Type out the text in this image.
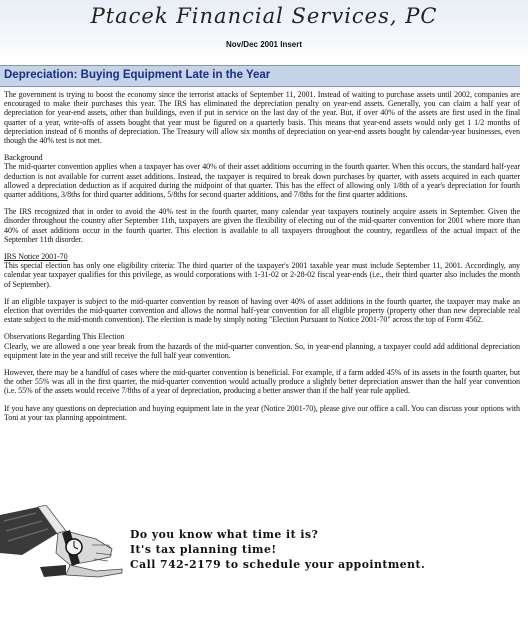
Ptacek Financial Services, PC
Nov/Dec 2001 Insert
Depreciation: Buying Equipment Late in the Year

The government is trying to boost the economy since the terrorist attacks of September 11, 2001. Instead of waiting to purchase assets until 2002, companies are encouraged to make their purchases this year. The IRS has eliminated the depreciation penalty on year-end assets. Generally, you can claim a half year of depreciation for year-end assets, other than buildings, even if put in service on the last day of the year. But, if over 40% of the assets are first used in the final quarter of a year, write-offs of assets bought that year must be figured on a quarterly basis. This means that year-end assets would only get 1 1/2 months of depreciation instead of 6 months of depreciation. The Treasury will allow six months of depreciation on year-end assets bought by calendar-year businesses, even though the 40% test is not met.

Background

The mid-quarter convention applies when a taxpayer has over 40% of their asset additions occurring in the fourth quarter. When this occurs, the standard half-year deduction is not available for current asset additions. Instead, the taxpayer is required to break down purchases by quarter, with assets acquired in each quarter allowed a depreciation deduction as if acquired during the midpoint of that quarter. This has the effect of allowing only 1/8th of a year's depreciation for fourth quarter additions, 3/8ths for third quarter additions, 5/8ths for second quarter additions, and 7/8ths for the first quarter additions.

The IRS recognized that in order to avoid the 40% test in the fourth quarter, many calendar year taxpayers routinely acquire assets in September. Given the disorder throughout the country after September 11th, taxpayers are given the flexibility of electing out of the mid-quarter convention for 2001 where more than 40% of asset additions occur in the fourth quarter. This election is available to all taxpayers throughout the country, regardless of the actual impact of the September 11th disorder.

IRS Notice 2001-70

This special election has only one eligibility criteria: The third quarter of the taxpayer's 2001 taxable year must include September 11, 2001. Accordingly, any calendar year taxpayer qualifies for this privilege, as would corporations with 1-31-02 or 2-28-02 fiscal year-ends (i.e., their third quarter also includes the month of September).

If an eligible taxpayer is subject to the mid-quarter convention by reason of having over 40% of asset additions in the fourth quarter, the taxpayer may make an election that overrides the mid-quarter convention and allows the normal half-year convention for all eligible property (property other than new depreciable real estate subject to the mid-month convention). The election is made by simply noting "Election Pursuant to Notice 2001-70" across the top of Form 4562.

Observations Regarding This Election

Clearly, we are allowed a one year break from the hazards of the mid-quarter convention. So, in year-end planning, a taxpayer could add additional depreciation equipment late in the year and still receive the full half year convention.

However, there may be a handful of cases where the mid-quarter convention is beneficial. For example, if a farm added 45% of its assets in the fourth quarter, but the other 55% was all in the first quarter, the mid-quarter convention would actually produce a slightly better depreciation answer than the half year convention (i.e. 55% of the assets would receive 7/8ths of a year of depreciation, producing a better answer than if the half year rule applied.

If you have any questions on depreciation and buying equipment late in the year (Notice 2001-70), please give our office a call. You can discuss your options with Toni at your tax planning appointment.

Do you know what time it is?
It's tax planning time!
Call 742-2179 to schedule your appointment.
